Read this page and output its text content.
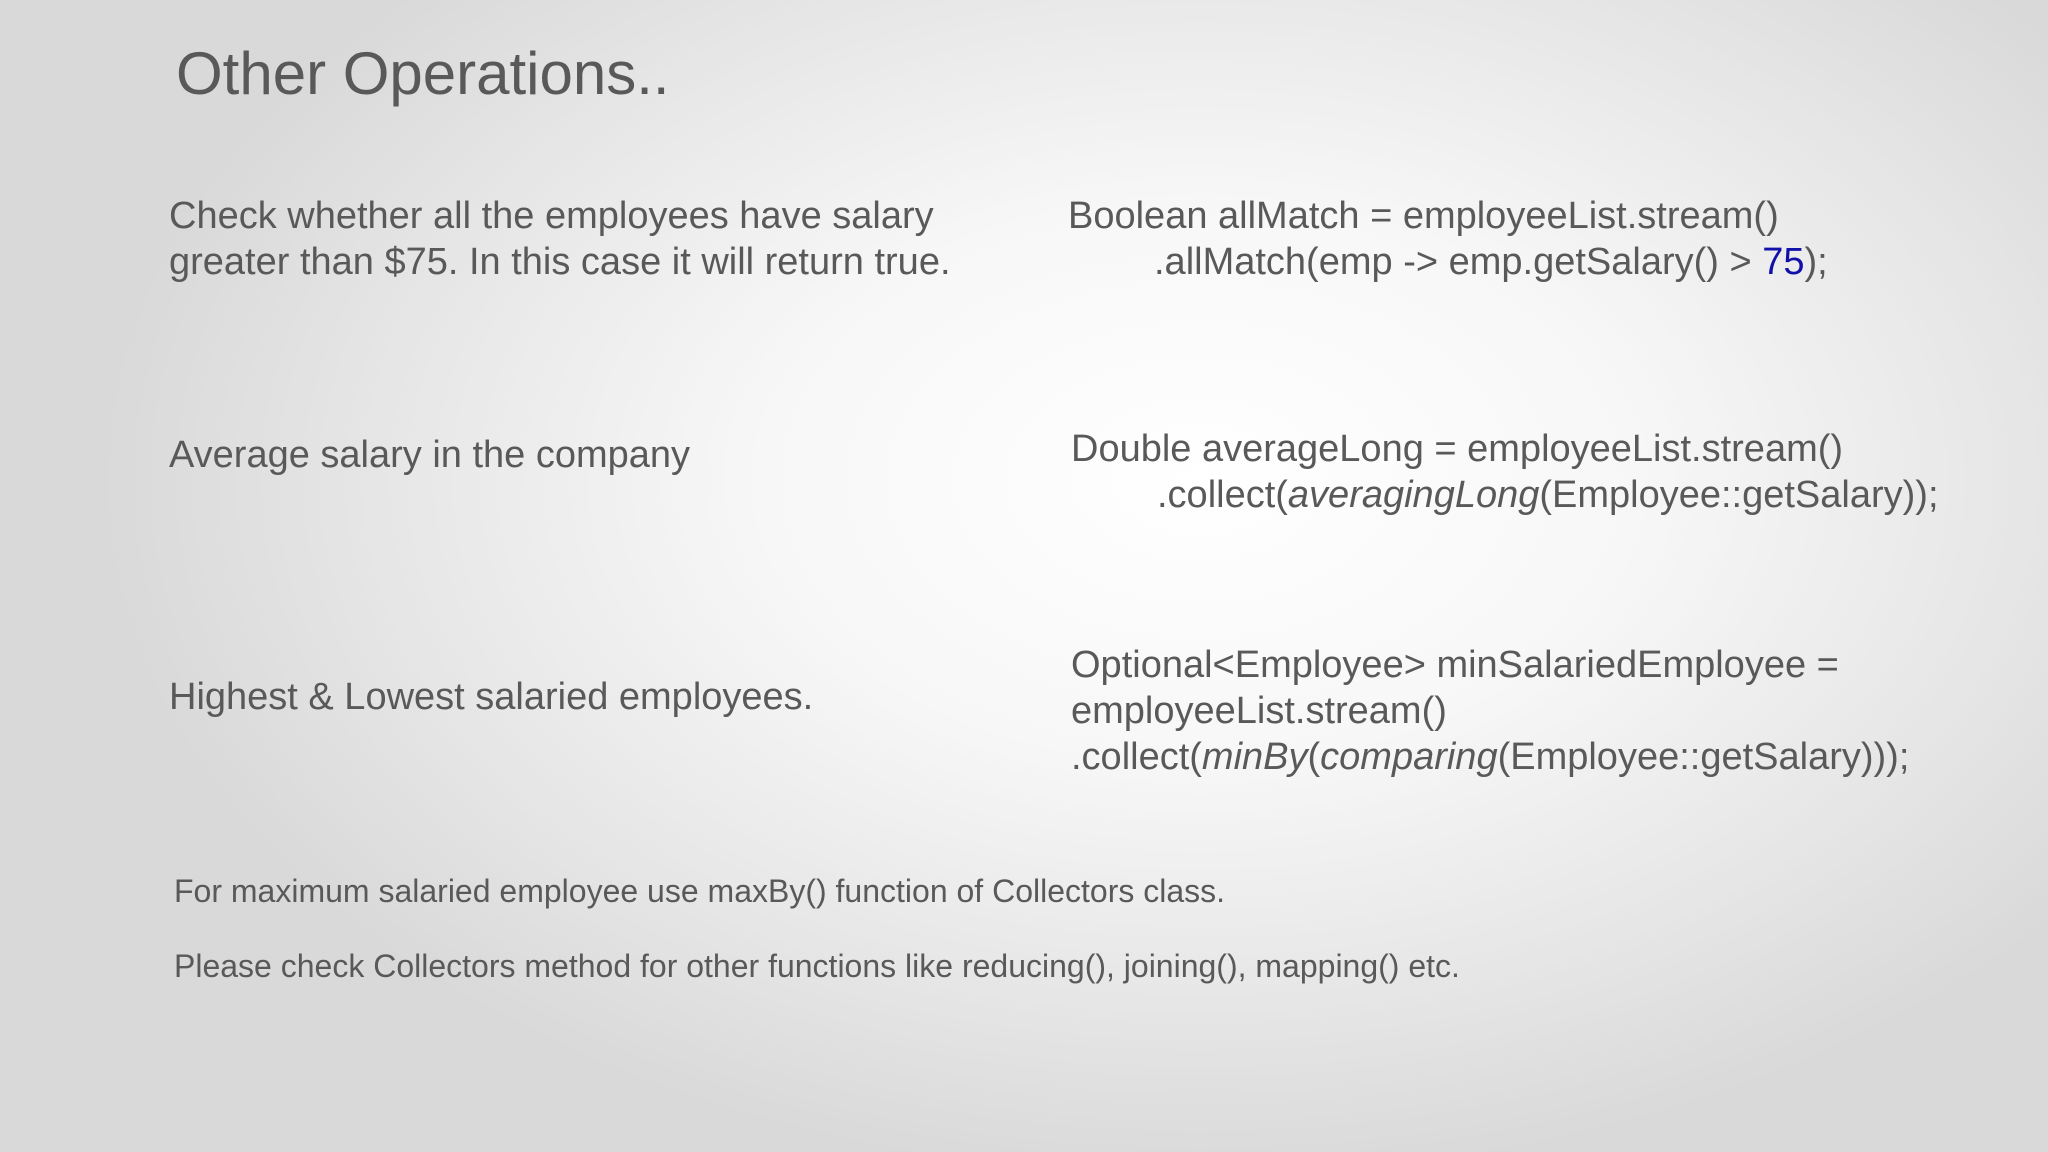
Other Operations..
Check whether all the employees have salary
greater than $75. In this case it will return true.
Boolean allMatch = employeeList.stream()
.allMatch(emp -> emp.getSalary() > 75);
Average salary in the company	Double averageLong = employeeList.stream()
.collect(averagingLong(Employee::getSalary));
Highest & Lowest salaried employees.
Optional<Employee> minSalariedEmployee =
employeeList.stream()
.collect(minBy(comparing(Employee::getSalary)));
For maximum salaried employee use maxBy() function of Collectors class.
Please check Collectors method for other functions like reducing(), joining(), mapping() etc.
